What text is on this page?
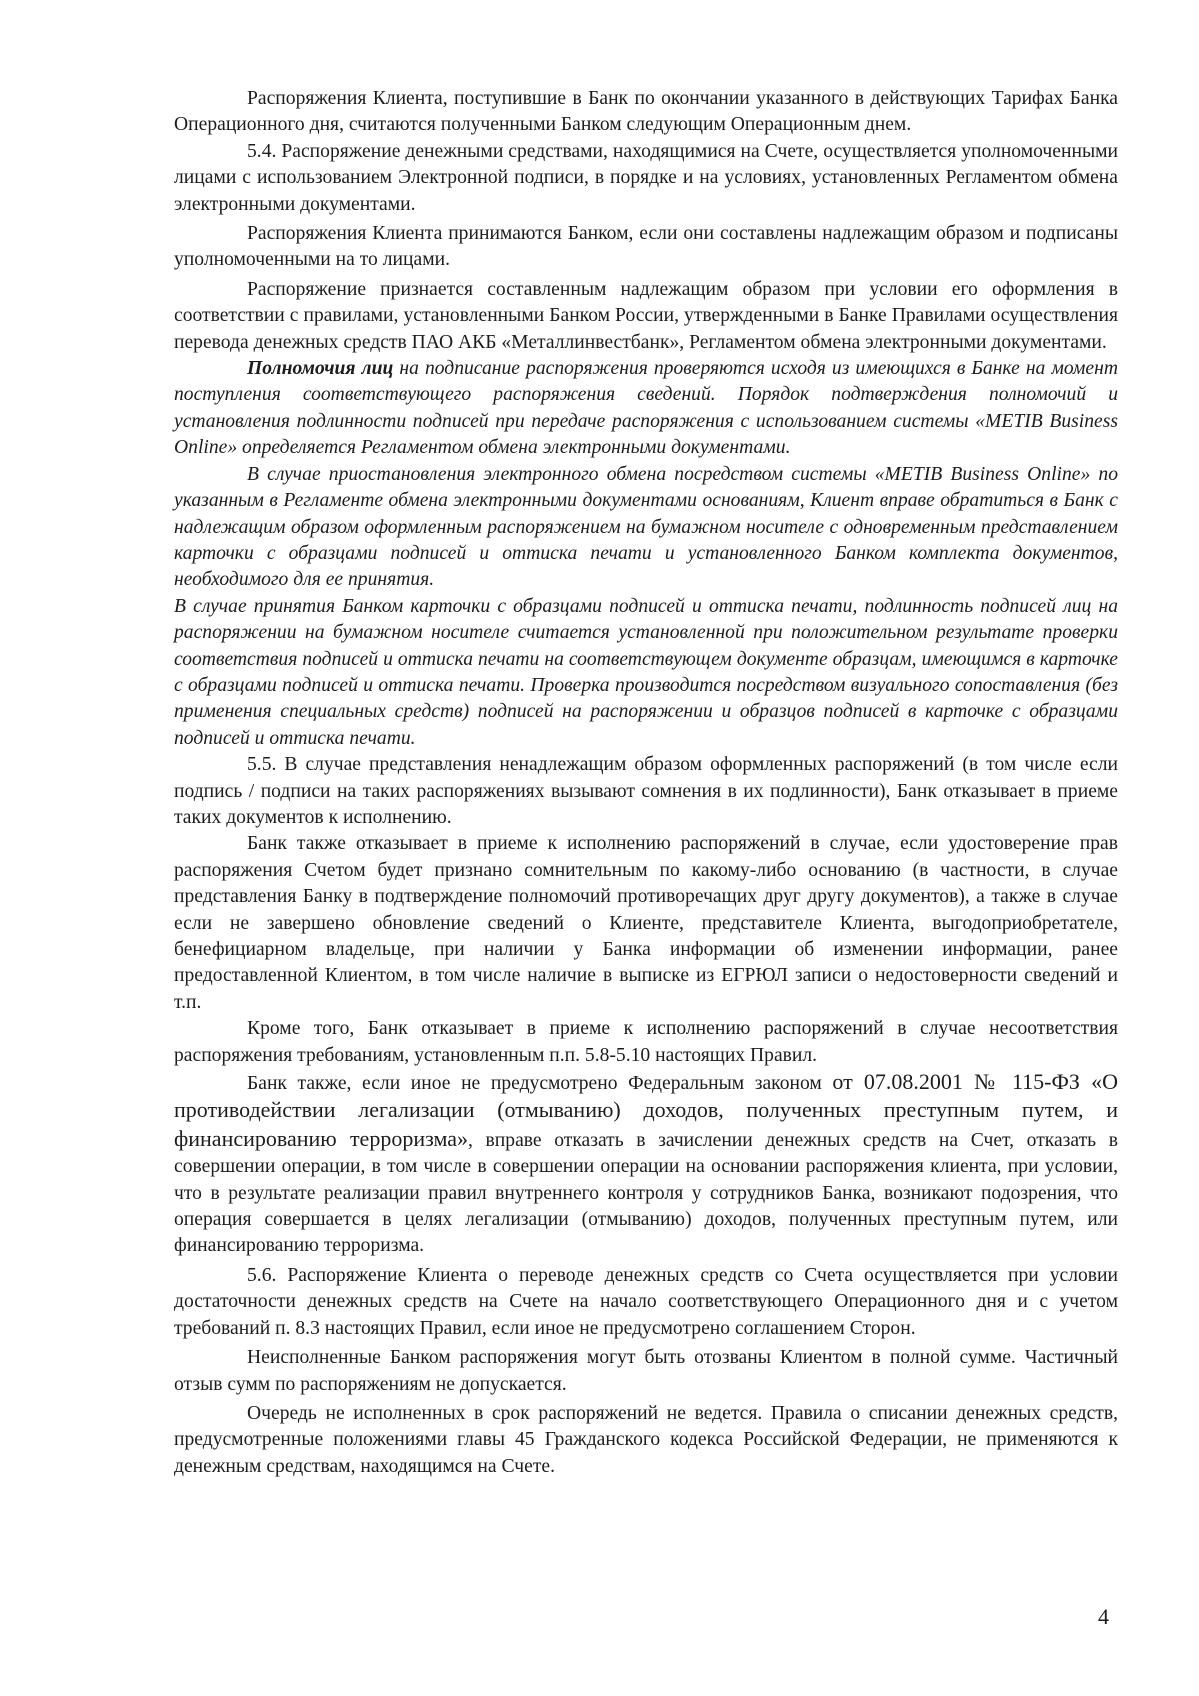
Распоряжения Клиента, поступившие в Банк по окончании указанного в действующих Тарифах Банка Операционного дня, считаются полученными Банком следующим Операционным днем.

5.4. Распоряжение денежными средствами, находящимися на Счете, осуществляется уполномоченными лицами с использованием Электронной подписи, в порядке и на условиях, установленных Регламентом обмена электронными документами.

Распоряжения Клиента принимаются Банком, если они составлены надлежащим образом и подписаны уполномоченными на то лицами.

Распоряжение признается составленным надлежащим образом при условии его оформления в соответствии с правилами, установленными Банком России, утвержденными в Банке Правилами осуществления перевода денежных средств ПАО АКБ «Металлинвестбанк», Регламентом обмена электронными документами.

Полномочия лиц на подписание распоряжения проверяются исходя из имеющихся в Банке на момент поступления соответствующего распоряжения сведений. Порядок подтверждения полномочий и установления подлинности подписей при передаче распоряжения с использованием системы «METIB Business Online» определяется Регламентом обмена электронными документами.

В случае приостановления электронного обмена посредством системы «METIB Business Online» по указанным в Регламенте обмена электронными документами основаниям, Клиент вправе обратиться в Банк с надлежащим образом оформленным распоряжением на бумажном носителе с одновременным представлением карточки с образцами подписей и оттиска печати и установленного Банком комплекта документов, необходимого для ее принятия.

В случае принятия Банком карточки с образцами подписей и оттиска печати, подлинность подписей лиц на распоряжении на бумажном носителе считается установленной при положительном результате проверки соответствия подписей и оттиска печати на соответствующем документе образцам, имеющимся в карточке с образцами подписей и оттиска печати. Проверка производится посредством визуального сопоставления (без применения специальных средств) подписей на распоряжении и образцов подписей в карточке с образцами подписей и оттиска печати.

5.5. В случае представления ненадлежащим образом оформленных распоряжений (в том числе если подпись / подписи на таких распоряжениях вызывают сомнения в их подлинности), Банк отказывает в приеме таких документов к исполнению.

Банк также отказывает в приеме к исполнению распоряжений в случае, если удостоверение прав распоряжения Счетом будет признано сомнительным по какому-либо основанию (в частности, в случае представления Банку в подтверждение полномочий противоречащих друг другу документов), а также в случае если не завершено обновление сведений о Клиенте, представителе Клиента, выгодоприобретателе, бенефициарном владельце, при наличии у Банка информации об изменении информации, ранее предоставленной Клиентом, в том числе наличие в выписке из ЕГРЮЛ записи о недостоверности сведений и т.п.

Кроме того, Банк отказывает в приеме к исполнению распоряжений в случае несоответствия распоряжения требованиям, установленным п.п. 5.8-5.10 настоящих Правил.

Банк также, если иное не предусмотрено Федеральным законом от 07.08.2001 № 115-ФЗ «О противодействии легализации (отмыванию) доходов, полученных преступным путем, и финансированию терроризма», вправе отказать в зачислении денежных средств на Счет, отказать в совершении операции, в том числе в совершении операции на основании распоряжения клиента, при условии, что в результате реализации правил внутреннего контроля у сотрудников Банка, возникают подозрения, что операция совершается в целях легализации (отмыванию) доходов, полученных преступным путем, или финансированию терроризма.

5.6. Распоряжение Клиента о переводе денежных средств со Счета осуществляется при условии достаточности денежных средств на Счете на начало соответствующего Операционного дня и с учетом требований п. 8.3 настоящих Правил, если иное не предусмотрено соглашением Сторон.

Неисполненные Банком распоряжения могут быть отозваны Клиентом в полной сумме. Частичный отзыв сумм по распоряжениям не допускается.

Очередь не исполненных в срок распоряжений не ведется. Правила о списании денежных средств, предусмотренные положениями главы 45 Гражданского кодекса Российской Федерации, не применяются к денежным средствам, находящимся на Счете.

4
